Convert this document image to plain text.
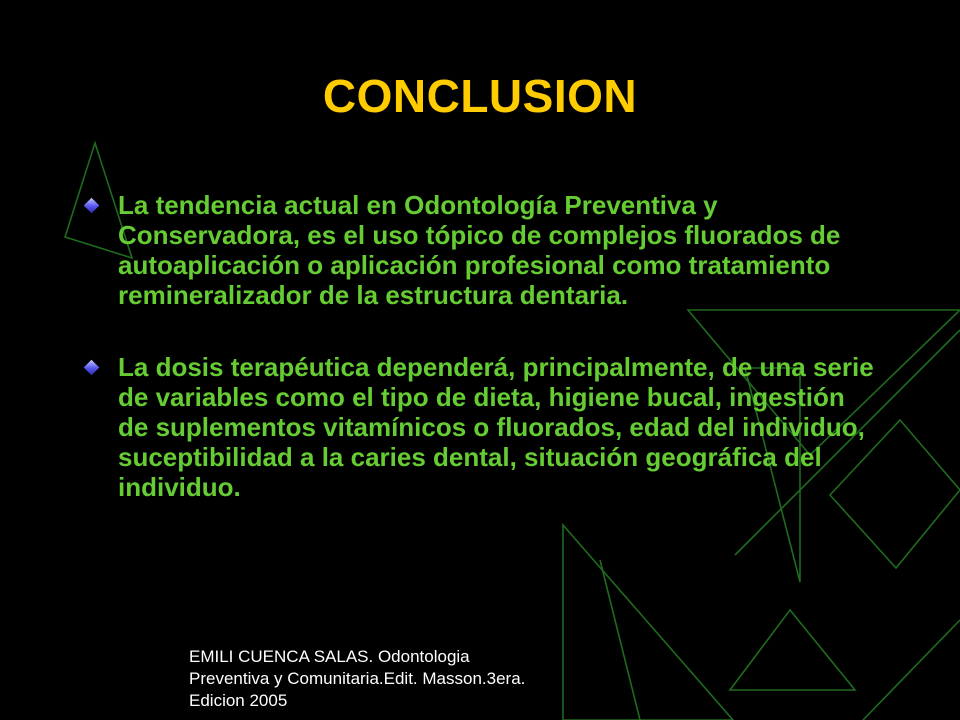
CONCLUSION
La tendencia actual en Odontología Preventiva y Conservadora, es el uso tópico de complejos fluorados de autoaplicación o aplicación profesional como tratamiento remineralizador de la estructura dentaria.
La dosis terapéutica dependerá, principalmente, de una serie de variables como el tipo de dieta, higiene bucal, ingestión de suplementos vitamínicos o fluorados, edad del individuo, suceptibilidad a la caries dental, situación geográfica del individuo.
EMILI CUENCA SALAS. Odontologia Preventiva y Comunitaria.Edit. Masson.3era. Edicion 2005
